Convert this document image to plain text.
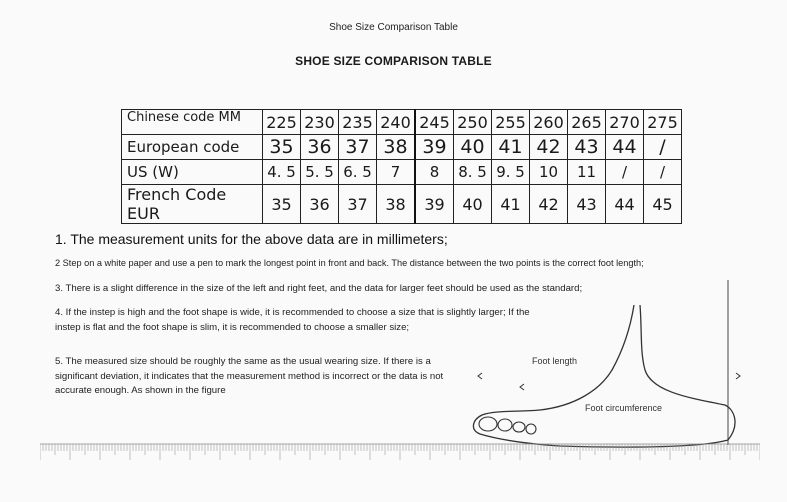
Shoe Size Comparison Table
SHOE SIZE COMPARISON TABLE
Chinese code MM	225	230	235	240	245	250	255	260	265	270	275
European code	35	36	37	38	39	40	41	42	43	44	/
US (W)	4. 5	5. 5	6. 5	7	8	8. 5	9. 5	10	11	/	/
French Code EUR	35	36	37	38	39	40	41	42	43	44	45
1. The measurement units for the above data are in millimeters;
2 Step on a white paper and use a pen to mark the longest point in front and back. The distance between the two points is the correct foot length;
3. There is a slight difference in the size of the left and right feet, and the data for larger feet should be used as the standard;
4. If the instep is high and the foot shape is wide, it is recommended to choose a size that is slightly larger; If the instep is flat and the foot shape is slim, it is recommended to choose a smaller size;
5. The measured size should be roughly the same as the usual wearing size. If there is a significant deviation, it indicates that the measurement method is incorrect or the data is not accurate enough. As shown in the figure
Foot length
Foot circumference
